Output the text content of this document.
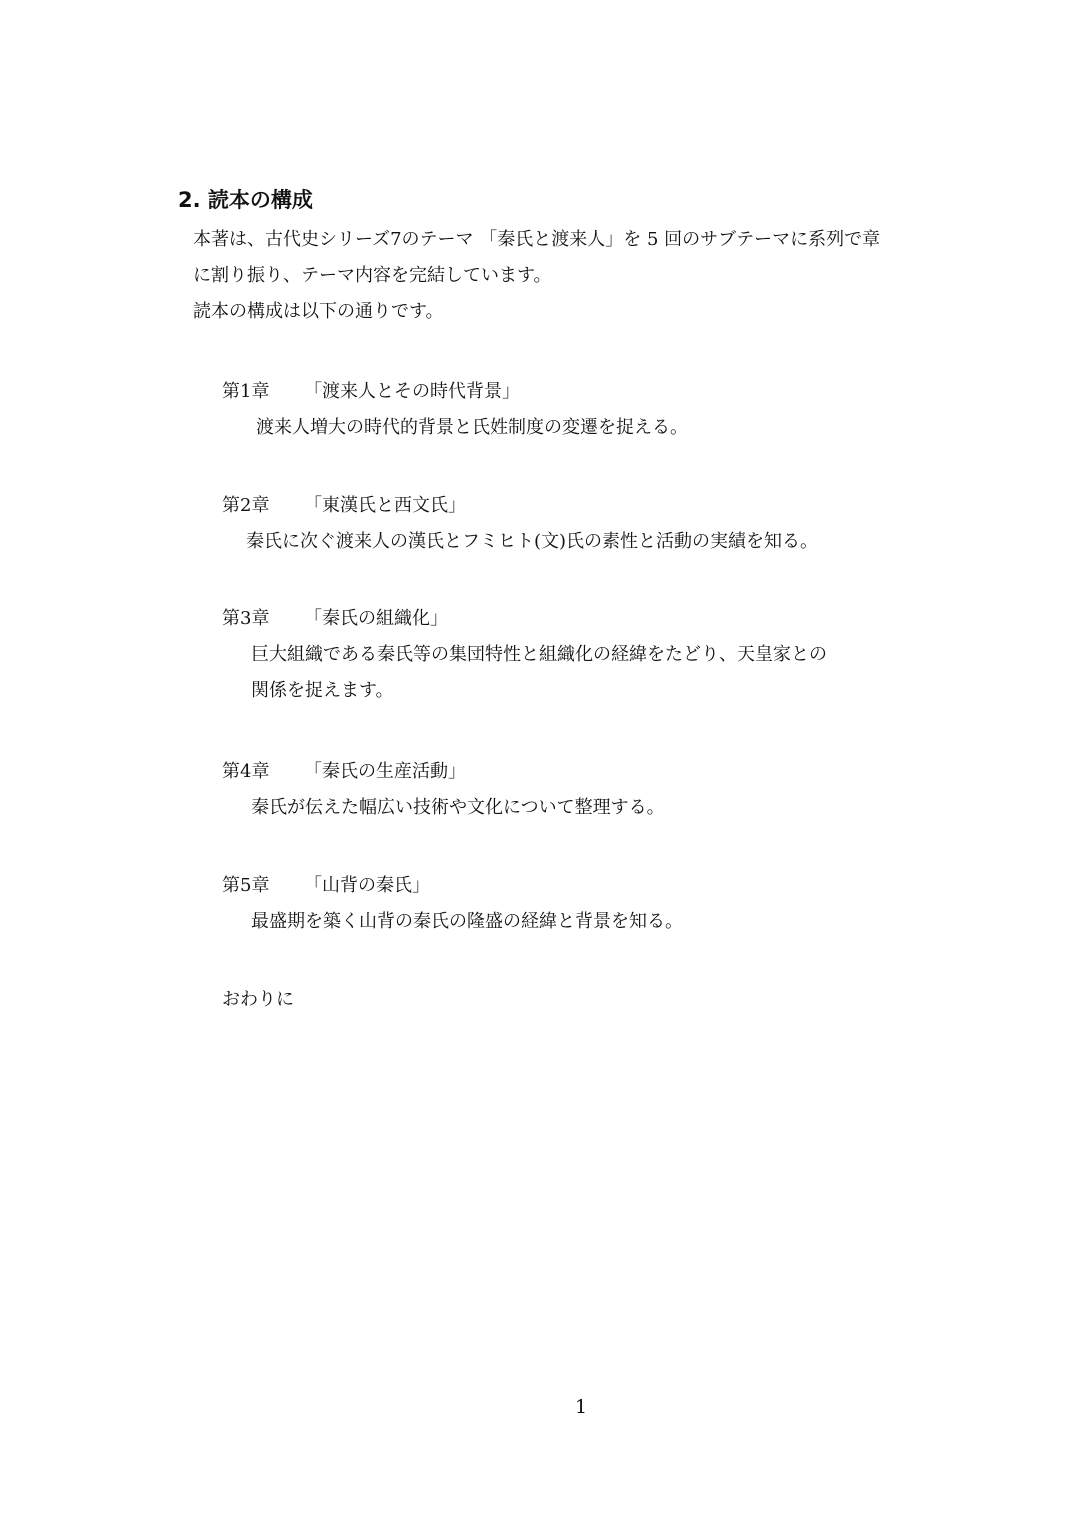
2. 読本の構成

本著は、古代史シリーズ7のテーマ 「秦氏と渡来人」を 5 回のサブテーマに系列で章

に割り振り、テーマ内容を完結しています。

読本の構成は以下の通りです。

第1章 「渡来人とその時代背景」
渡来人増大の時代的背景と氏姓制度の変遷を捉える。
第2章 「東漢氏と西文氏」
秦氏に次ぐ渡来人の漢氏とフミヒト(文)氏の素性と活動の実績を知る。
第3章 「秦氏の組織化」
巨大組織である秦氏等の集団特性と組織化の経緯をたどり、天皇家との
関係を捉えます。
第4章 「秦氏の生産活動」
秦氏が伝えた幅広い技術や文化について整理する。
第5章 「山背の秦氏」
最盛期を築く山背の秦氏の隆盛の経緯と背景を知る。
おわりに
1
